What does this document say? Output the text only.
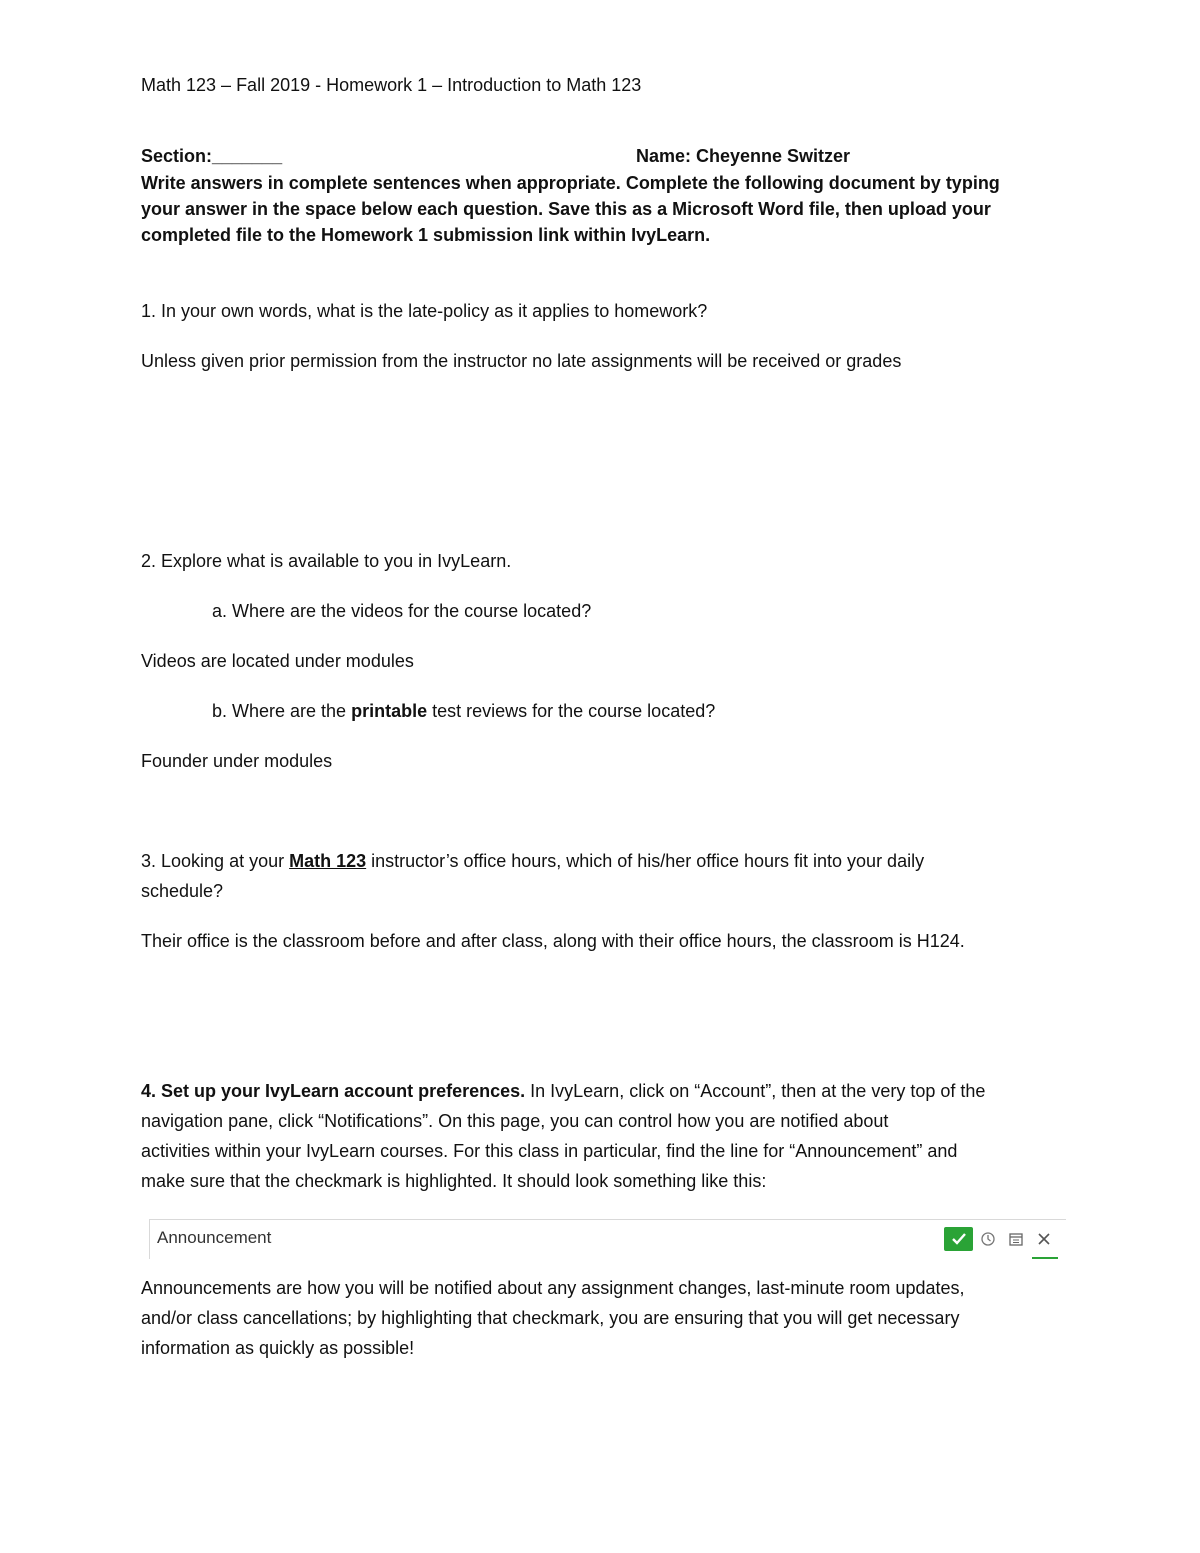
Math 123 – Fall 2019 - Homework 1 – Introduction to Math 123
Section:_______	Name: Cheyenne Switzer
Write answers in complete sentences when appropriate. Complete the following document by typing
your answer in the space below each question. Save this as a Microsoft Word file, then upload your
completed file to the Homework 1 submission link within IvyLearn.
1. In your own words, what is the late-policy as it applies to homework?
Unless given prior permission from the instructor no late assignments will be received or grades
2. Explore what is available to you in IvyLearn.
a. Where are the videos for the course located?
Videos are located under modules
b. Where are the printable test reviews for the course located?
Founder under modules
3. Looking at your Math 123 instructor’s office hours, which of his/her office hours fit into your daily
schedule?
Their office is the classroom before and after class, along with their office hours, the classroom is H124.
4. Set up your IvyLearn account preferences. In IvyLearn, click on “Account”, then at the very top of the
navigation pane, click “Notifications”. On this page, you can control how you are notified about
activities within your IvyLearn courses. For this class in particular, find the line for “Announcement” and
make sure that the checkmark is highlighted. It should look something like this:
Announcement
Announcements are how you will be notified about any assignment changes, last-minute room updates,
and/or class cancellations; by highlighting that checkmark, you are ensuring that you will get necessary
information as quickly as possible!
